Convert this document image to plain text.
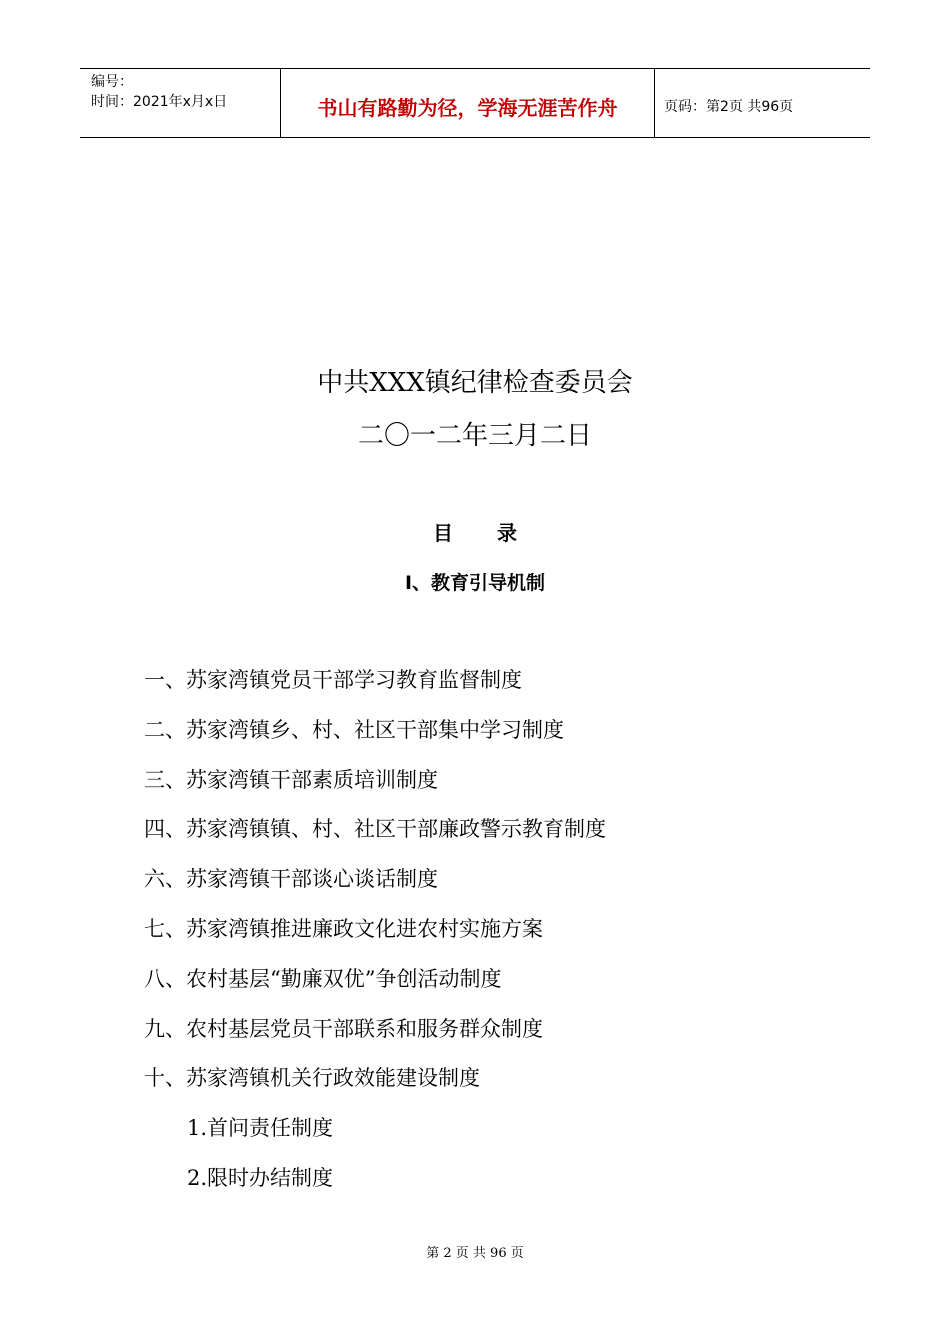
编号：
时间：2021年x月x日	书山有路勤为径，学海无涯苦作舟	页码：第2页 共96页
中共XXX镇纪律检查委员会
二〇一二年三月二日
目 录
Ⅰ、教育引导机制
一、苏家湾镇党员干部学习教育监督制度
二、苏家湾镇乡、村、社区干部集中学习制度
三、苏家湾镇干部素质培训制度
四、苏家湾镇镇、村、社区干部廉政警示教育制度
六、苏家湾镇干部谈心谈话制度
七、苏家湾镇推进廉政文化进农村实施方案
八、农村基层“勤廉双优”争创活动制度
九、农村基层党员干部联系和服务群众制度
十、苏家湾镇机关行政效能建设制度
1.首问责任制度
2.限时办结制度
第 2 页 共 96 页
